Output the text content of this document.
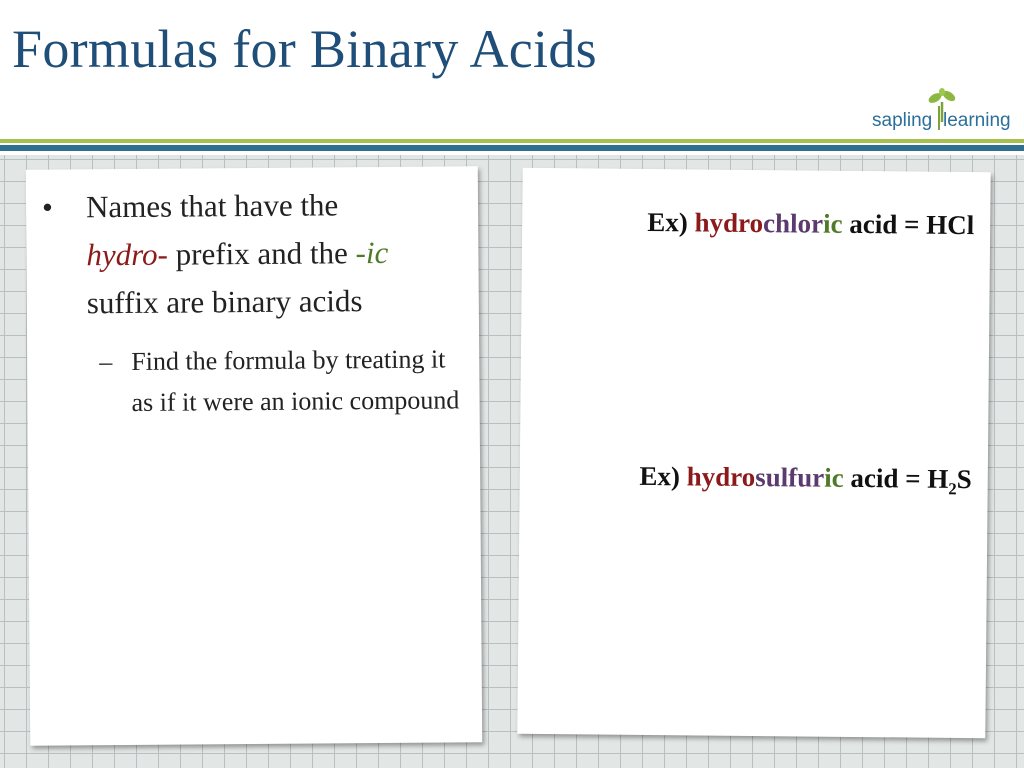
Formulas for Binary Acids
sapling learning
• Names that have the
hydro- prefix and the -ic
suffix are binary acids
– Find the formula by treating it as if it were an ionic compound
Ex) hydrochloric acid = HCl
Ex) hydrosulfuric acid = $H_2S$
